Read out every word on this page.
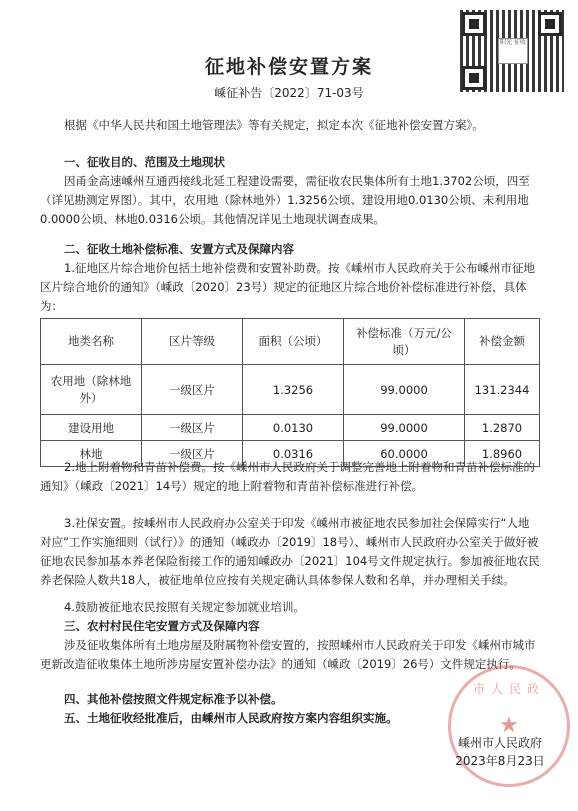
阳光 征收
征地补偿安置方案
嵊征补告〔2022〕71-03号

根据《中华人民共和国土地管理法》等有关规定，拟定本次《征地补偿安置方案》。

一、征收目的、范围及土地现状

因甬金高速嵊州互通西接线北延工程建设需要，需征收农民集体所有土地1.3702公顷，四至（详见勘测定界图）。其中，农用地（除林地外）1.3256公顷、建设用地0.0130公顷、未利用地0.0000公顷、林地0.0316公顷。其他情况详见土地现状调查成果。

二、征收土地补偿标准、安置方式及保障内容

1.征地区片综合地价包括土地补偿费和安置补助费。按《嵊州市人民政府关于公布嵊州市征地区片综合地价的通知》（嵊政〔2020〕23号）规定的征地区片综合地价补偿标准进行补偿，具体为：

地类名称	区片等级	面积（公顷）	补偿标准（万元/公顷）	补偿金额
农用地（除林地外）	一级区片	1.3256	99.0000	131.2344
建设用地	一级区片	0.0130	99.0000	1.2870
林地	一级区片	0.0316	60.0000	1.8960

2.地上附着物和青苗补偿费。按《嵊州市人民政府关于调整完善地上附着物和青苗补偿标准的通知》（嵊政〔2021〕14号）规定的地上附着物和青苗补偿标准进行补偿。

3.社保安置。按嵊州市人民政府办公室关于印发《嵊州市被征地农民参加社会保障实行“人地对应”工作实施细则（试行）》的通知（嵊政办〔2019〕18号）、嵊州市人民政府办公室关于做好被征地农民参加基本养老保险衔接工作的通知嵊政办〔2021〕104号文件规定执行。参加被征地农民养老保险人数共18人，被征地单位应按有关规定确认具体参保人数和名单，并办理相关手续。

4.鼓励被征地农民按照有关规定参加就业培训。

三、农村村民住宅安置方式及保障内容

涉及征收集体所有土地房屋及附属物补偿安置的，按照嵊州市人民政府关于印发《嵊州市城市更新改造征收集体土地所涉房屋安置补偿办法》的通知（嵊政〔2019〕26号）文件规定执行。

四、其他补偿按照文件规定标准予以补偿。

五、土地征收经批准后，由嵊州市人民政府按方案内容组织实施。

市人民政
★
嵊州市人民政府
2023年8月23日
